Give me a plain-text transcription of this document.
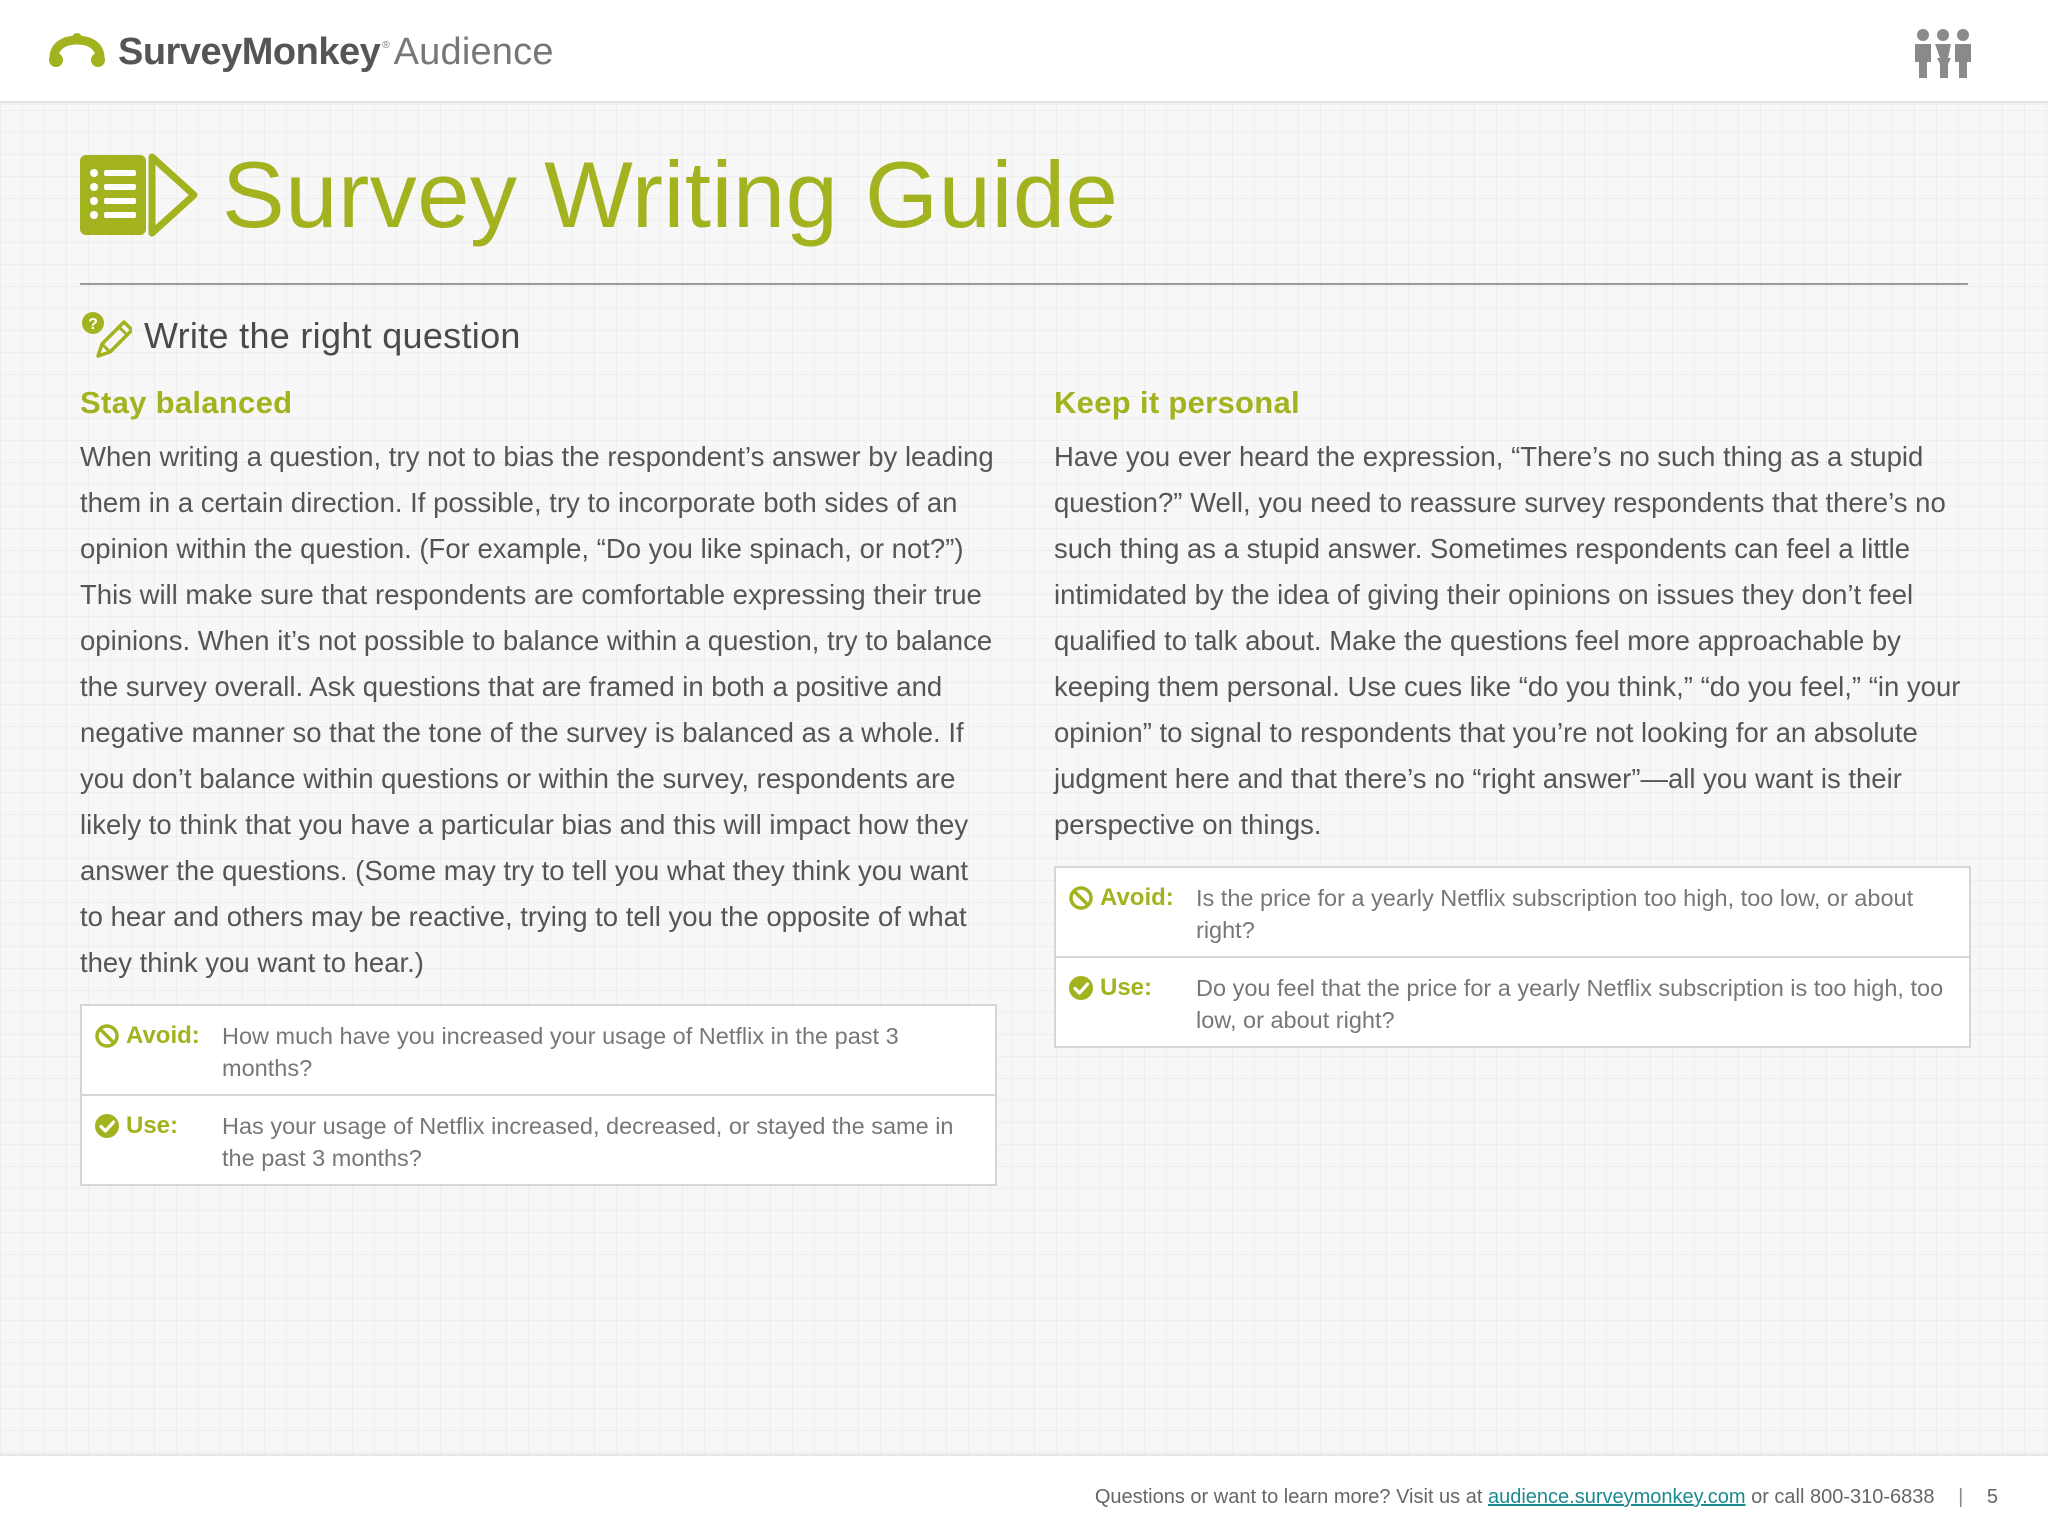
SurveyMonkey ® Audience
Survey Writing Guide
? Write the right question
Stay balanced

When writing a question, try not to bias the respondent’s answer by leading them in a certain direction. If possible, try to incorporate both sides of an opinion within the question. (For example, “Do you like spinach, or not?”) This will make sure that respondents are comfortable expressing their true opinions. When it’s not possible to balance within a question, try to balance the survey overall. Ask questions that are framed in both a positive and negative manner so that the tone of the survey is balanced as a whole. If you don’t balance within questions or within the survey, respondents are likely to think that you have a particular bias and this will impact how they answer the questions. (Some may try to tell you what they think you want to hear and others may be reactive, trying to tell you the opposite of what they think you want to hear.)

Avoid: How much have you increased your usage of Netflix in the past 3 months?
Use: Has your usage of Netflix increased, decreased, or stayed the same in the past 3 months?
Keep it personal

Have you ever heard the expression, “There’s no such thing as a stupid question?” Well, you need to reassure survey respondents that there’s no such thing as a stupid answer. Sometimes respondents can feel a little intimidated by the idea of giving their opinions on issues they don’t feel qualified to talk about. Make the questions feel more approachable by keeping them personal. Use cues like “do you think,” “do you feel,” “in your opinion” to signal to respondents that you’re not looking for an absolute judgment here and that there’s no “right answer”—all you want is their perspective on things.

Avoid: Is the price for a yearly Netflix subscription too high, too low, or about right?
Use: Do you feel that the price for a yearly Netflix subscription is too high, too low, or about right?
Questions or want to learn more? Visit us at audience.surveymonkey.com or call 800-310-6838 | 5
